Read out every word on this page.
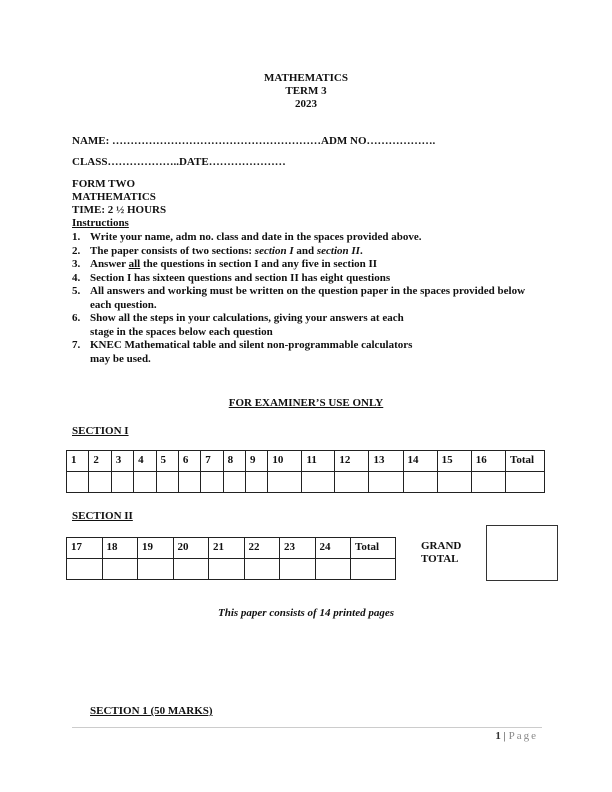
MATHEMATICS
TERM 3
2023
NAME: …………………………………………………ADM NO……………….
CLASS………………..DATE…………………
FORM TWO
MATHEMATICS
TIME: 2 ½ HOURS
Instructions
1. Write your name, adm no. class and date in the spaces provided above.
2. The paper consists of two sections: section I and section II.
3. Answer all the questions in section I and any five in section II
4. Section I has sixteen questions and section II has eight questions
5. All answers and working must be written on the question paper in the spaces provided below each question.
6. Show all the steps in your calculations, giving your answers at each stage in the spaces below each question
7. KNEC Mathematical table and silent non-programmable calculators may be used.
FOR EXAMINER’S USE ONLY
SECTION I
1	2	3	4	5	6	7	8	9	10	11	12	13	14	15	16	Total

SECTION II
17	18	19	20	21	22	23	24	Total
									GRAND
TOTAL
This paper consists of 14 printed pages
SECTION 1 (50 MARKS)
1 | Page
